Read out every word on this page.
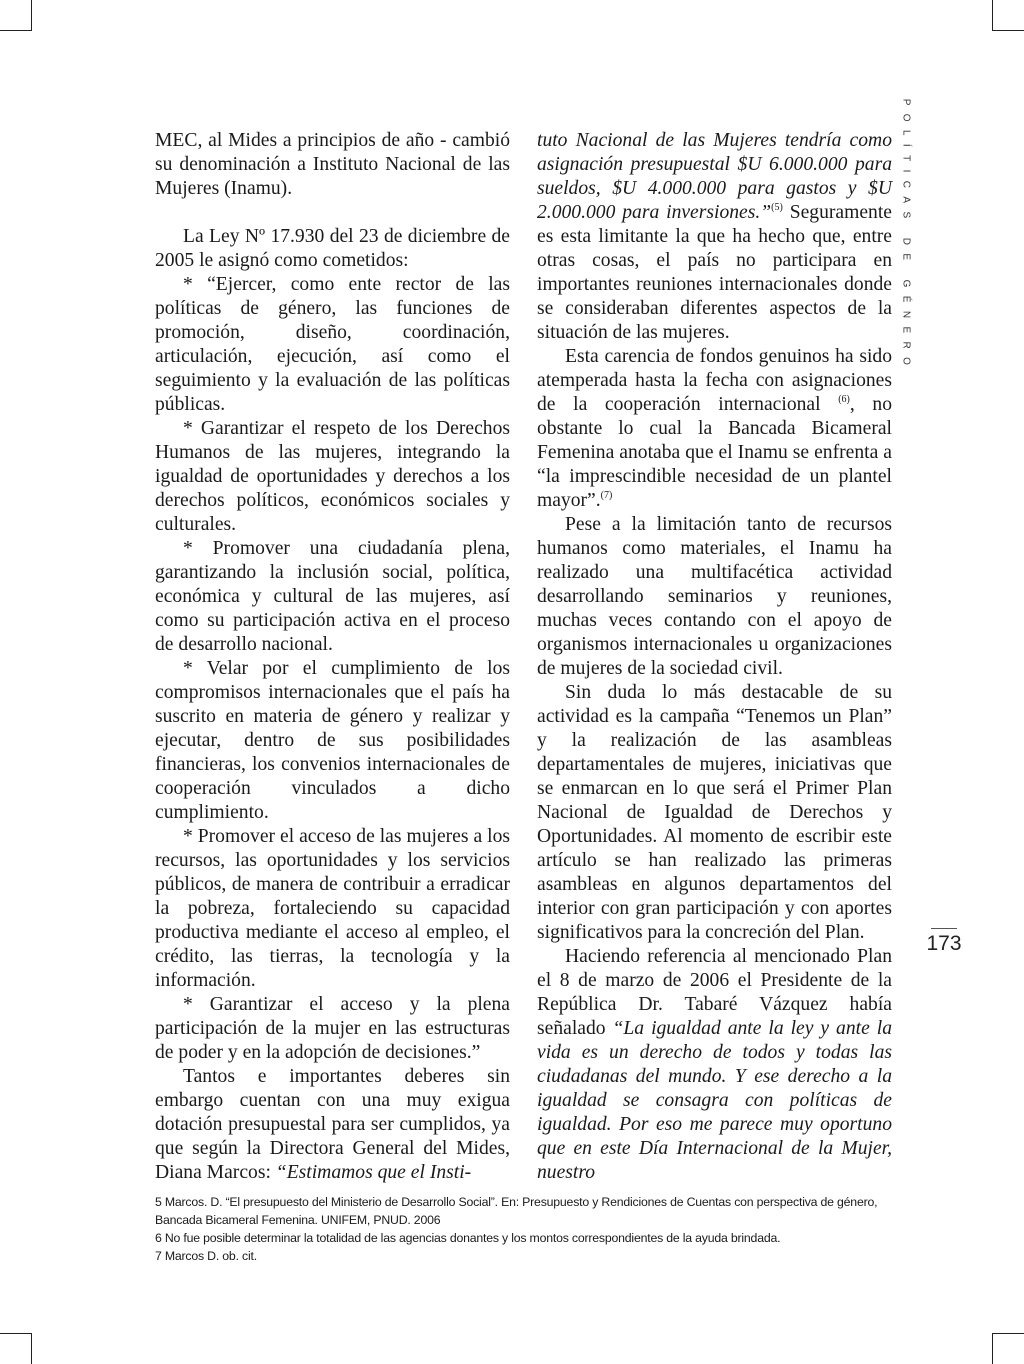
MEC, al Mides a principios de año - cambió su denominación a Instituto Nacional de las Mujeres (Inamu).

La Ley Nº 17.930 del 23 de diciembre de 2005 le asignó como cometidos:

* “Ejercer, como ente rector de las políticas de género, las funciones de promoción, diseño, coordinación, articulación, ejecución, así como el seguimiento y la evaluación de las políticas públicas.

* Garantizar el respeto de los Derechos Humanos de las mujeres, integrando la igualdad de oportunidades y derechos a los derechos políticos, económicos sociales y culturales.

* Promover una ciudadanía plena, garantizando la inclusión social, política, económica y cultural de las mujeres, así como su participación activa en el proceso de desarrollo nacional.

* Velar por el cumplimiento de los compromisos internacionales que el país ha suscrito en materia de género y realizar y ejecutar, dentro de sus posibilidades financieras, los convenios internacionales de cooperación vinculados a dicho cumplimiento.

* Promover el acceso de las mujeres a los recursos, las oportunidades y los servicios públicos, de manera de contribuir a erradicar la pobreza, fortaleciendo su capacidad productiva mediante el acceso al empleo, el crédito, las tierras, la tecnología y la información.

* Garantizar el acceso y la plena participación de la mujer en las estructuras de poder y en la adopción de decisiones.”

Tantos e importantes deberes sin embargo cuentan con una muy exigua dotación presupuestal para ser cumplidos, ya que según la Directora General del Mides, Diana Marcos: “Estimamos que el Insti-

tuto Nacional de las Mujeres tendría como asignación presupuestal $U 6.000.000 para sueldos, $U 4.000.000 para gastos y $U 2.000.000 para inversiones.”$^{(5)}$ Seguramente es esta limitante la que ha hecho que, entre otras cosas, el país no participara en importantes reuniones internacionales donde se consideraban diferentes aspectos de la situación de las mujeres.

Esta carencia de fondos genuinos ha sido atemperada hasta la fecha con asignaciones de la cooperación internacional $^{(6)}$, no obstante lo cual la Bancada Bicameral Femenina anotaba que el Inamu se enfrenta a “la imprescindible necesidad de un plantel mayor”.$^{(7)}$

Pese a la limitación tanto de recursos humanos como materiales, el Inamu ha realizado una multifacética actividad desarrollando seminarios y reuniones, muchas veces contando con el apoyo de organismos internacionales u organizaciones de mujeres de la sociedad civil.

Sin duda lo más destacable de su actividad es la campaña “Tenemos un Plan” y la realización de las asambleas departamentales de mujeres, iniciativas que se enmarcan en lo que será el Primer Plan Nacional de Igualdad de Derechos y Oportunidades. Al momento de escribir este artículo se han realizado las primeras asambleas en algunos departamentos del interior con gran participación y con aportes significativos para la concreción del Plan.

Haciendo referencia al mencionado Plan el 8 de marzo de 2006 el Presidente de la República Dr. Tabaré Vázquez había señalado “La igualdad ante la ley y ante la vida es un derecho de todos y todas las ciudadanas del mundo. Y ese derecho a la igualdad se consagra con políticas de igualdad. Por eso me parece muy oportuno que en este Día Internacional de la Mujer, nuestro

POLÍTICAS DE GÉNERO
173
5 Marcos. D. “El presupuesto del Ministerio de Desarrollo Social”. En: Presupuesto y Rendiciones de Cuentas con perspectiva de género, Bancada Bicameral Femenina. UNIFEM, PNUD. 2006
6 No fue posible determinar la totalidad de las agencias donantes y los montos correspondientes de la ayuda brindada.
7 Marcos D. ob. cit.
